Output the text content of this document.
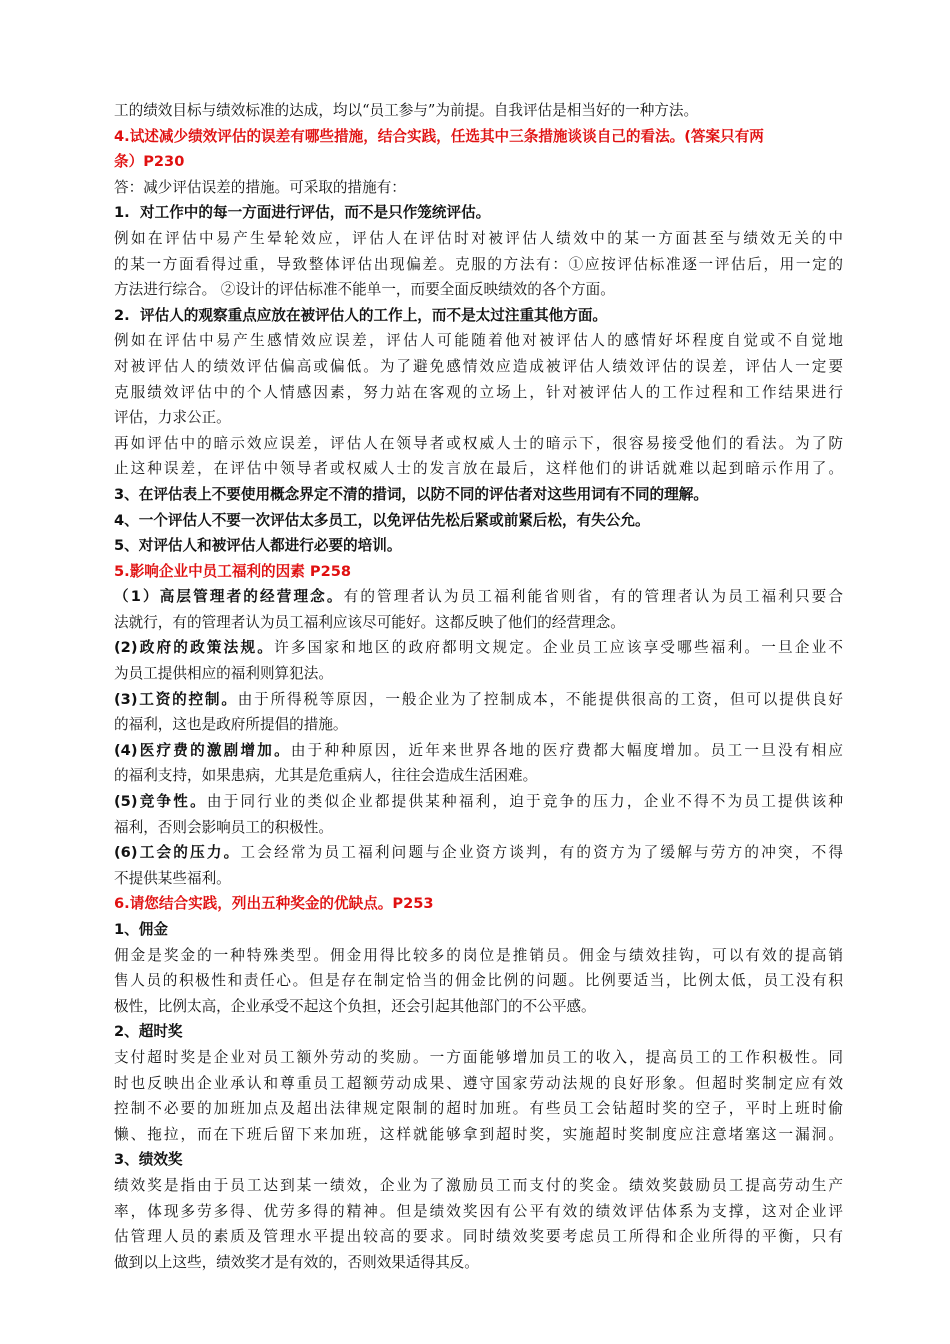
工的绩效目标与绩效标准的达成，均以“员工参与”为前提。自我评估是相当好的一种方法。
4.试述减少绩效评估的误差有哪些措施，结合实践，任选其中三条措施谈谈自己的看法。(答案只有两
条）P230
答：减少评估误差的措施。可采取的措施有：
1. 对工作中的每一方面进行评估，而不是只作笼统评估。
例如在评估中易产生晕轮效应，评估人在评估时对被评估人绩效中的某一方面甚至与绩效无关的中
的某一方面看得过重，导致整体评估出现偏差。克服的方法有：①应按评估标准逐一评估后，用一定的
方法进行综合。 ②设计的评估标准不能单一，而要全面反映绩效的各个方面。
2. 评估人的观察重点应放在被评估人的工作上，而不是太过注重其他方面。
例如在评估中易产生感情效应误差，评估人可能随着他对被评估人的感情好坏程度自觉或不自觉地
对被评估人的绩效评估偏高或偏低。为了避免感情效应造成被评估人绩效评估的误差，评估人一定要
克服绩效评估中的个人情感因素，努力站在客观的立场上，针对被评估人的工作过程和工作结果进行
评估，力求公正。
再如评估中的暗示效应误差，评估人在领导者或权威人士的暗示下，很容易接受他们的看法。为了防
止这种误差，在评估中领导者或权威人士的发言放在最后，这样他们的讲话就难以起到暗示作用了。
3、在评估表上不要使用概念界定不清的措词，以防不同的评估者对这些用词有不同的理解。
4、一个评估人不要一次评估太多员工，以免评估先松后紧或前紧后松，有失公允。
5、对评估人和被评估人都进行必要的培训。
5.影响企业中员工福利的因素 P258
（1）高层管理者的经营理念。有的管理者认为员工福利能省则省，有的管理者认为员工福利只要合
法就行，有的管理者认为员工福利应该尽可能好。这都反映了他们的经营理念。
(2)政府的政策法规。许多国家和地区的政府都明文规定。企业员工应该享受哪些福利。一旦企业不
为员工提供相应的福利则算犯法。
(3)工资的控制。由于所得税等原因，一般企业为了控制成本，不能提供很高的工资，但可以提供良好
的福利，这也是政府所提倡的措施。
(4)医疗费的激剧增加。由于种种原因，近年来世界各地的医疗费都大幅度增加。员工一旦没有相应
的福利支持，如果患病，尤其是危重病人，往往会造成生活困难。
(5)竞争性。由于同行业的类似企业都提供某种福利，迫于竞争的压力，企业不得不为员工提供该种
福利，否则会影响员工的积极性。
(6)工会的压力。工会经常为员工福利问题与企业资方谈判，有的资方为了缓解与劳方的冲突，不得
不提供某些福利。
6.请您结合实践，列出五种奖金的优缺点。P253
1、佣金
佣金是奖金的一种特殊类型。佣金用得比较多的岗位是推销员。佣金与绩效挂钩，可以有效的提高销
售人员的积极性和责任心。但是存在制定恰当的佣金比例的问题。比例要适当，比例太低，员工没有积
极性，比例太高，企业承受不起这个负担，还会引起其他部门的不公平感。
2、超时奖
支付超时奖是企业对员工额外劳动的奖励。一方面能够增加员工的收入，提高员工的工作积极性。同
时也反映出企业承认和尊重员工超额劳动成果、遵守国家劳动法规的良好形象。但超时奖制定应有效
控制不必要的加班加点及超出法律规定限制的超时加班。有些员工会钻超时奖的空子，平时上班时偷
懒、拖拉，而在下班后留下来加班，这样就能够拿到超时奖，实施超时奖制度应注意堵塞这一漏洞。
3、绩效奖
绩效奖是指由于员工达到某一绩效，企业为了激励员工而支付的奖金。绩效奖鼓励员工提高劳动生产
率，体现多劳多得、优劳多得的精神。但是绩效奖因有公平有效的绩效评估体系为支撑，这对企业评
估管理人员的素质及管理水平提出较高的要求。同时绩效奖要考虑员工所得和企业所得的平衡，只有
做到以上这些，绩效奖才是有效的，否则效果适得其反。
